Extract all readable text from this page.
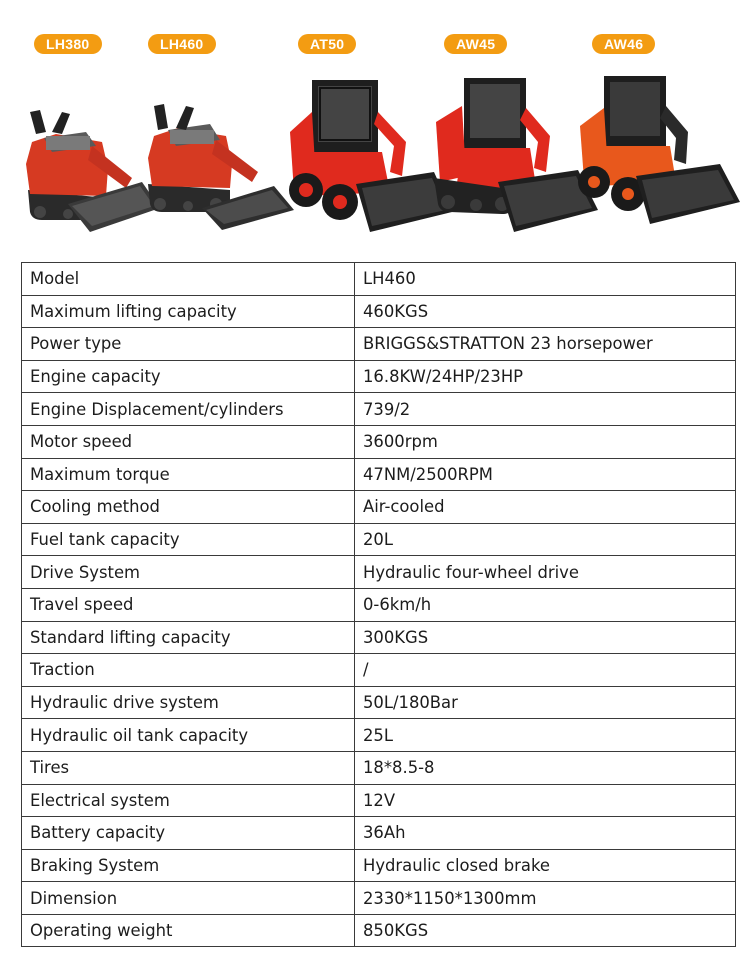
LH380	LH460	AT50	AW45	AW46
Model	LH460
Maximum lifting capacity	460KGS
Power type	BRIGGS&STRATTON 23 horsepower
Engine capacity	16.8KW/24HP/23HP
Engine Displacement/cylinders	739/2
Motor speed	3600rpm
Maximum torque	47NM/2500RPM
Cooling method	Air-cooled
Fuel tank capacity	20L
Drive System	Hydraulic four-wheel drive
Travel speed	0-6km/h
Standard lifting capacity	300KGS
Traction	/
Hydraulic drive system	50L/180Bar
Hydraulic oil tank capacity	25L
Tires	18*8.5-8
Electrical system	12V
Battery capacity	36Ah
Braking System	Hydraulic closed brake
Dimension	2330*1150*1300mm
Operating weight	850KGS
